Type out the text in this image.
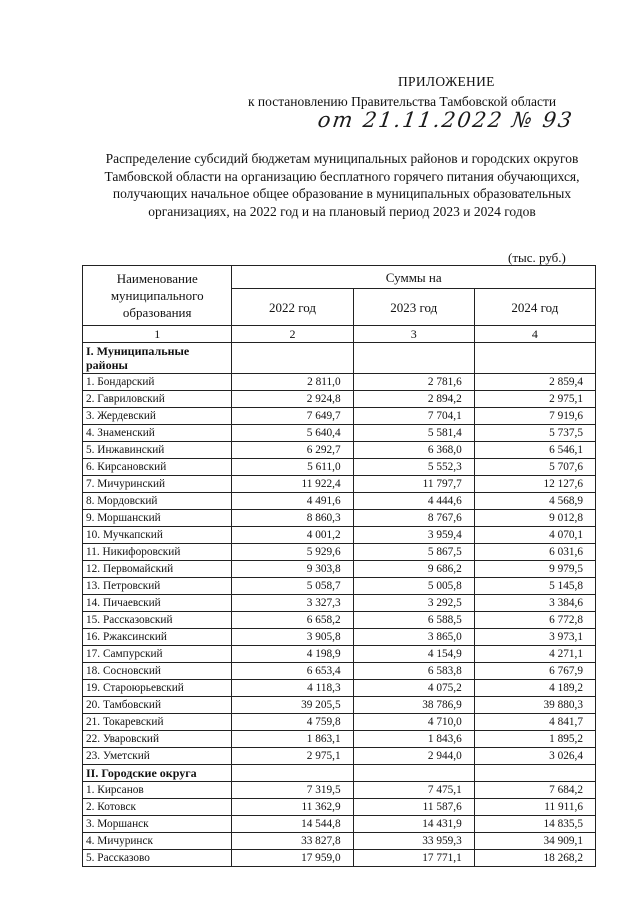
ПРИЛОЖЕНИЕ
к постановлению Правительства Тамбовской области
от 21.11.2022 № 93
Распределение субсидий бюджетам муниципальных районов и городских округов Тамбовской области на организацию бесплатного горячего питания обучающихся, получающих начальное общее образование в муниципальных образовательных организациях, на 2022 год и на плановый период 2023 и 2024 годов
(тыс. руб.)
Наименование муниципального образования	Суммы на		
	2022 год	2023 год	2024 год
1	2	3	4
I. Муниципальные районы			
1. Бондарский	2 811,0	2 781,6	2 859,4
2. Гавриловский	2 924,8	2 894,2	2 975,1
3. Жердевский	7 649,7	7 704,1	7 919,6
4. Знаменский	5 640,4	5 581,4	5 737,5
5. Инжавинский	6 292,7	6 368,0	6 546,1
6. Кирсановский	5 611,0	5 552,3	5 707,6
7. Мичуринский	11 922,4	11 797,7	12 127,6
8. Мордовский	4 491,6	4 444,6	4 568,9
9. Моршанский	8 860,3	8 767,6	9 012,8
10. Мучкапский	4 001,2	3 959,4	4 070,1
11. Никифоровский	5 929,6	5 867,5	6 031,6
12. Первомайский	9 303,8	9 686,2	9 979,5
13. Петровский	5 058,7	5 005,8	5 145,8
14. Пичаевский	3 327,3	3 292,5	3 384,6
15. Рассказовский	6 658,2	6 588,5	6 772,8
16. Ржаксинский	3 905,8	3 865,0	3 973,1
17. Сампурский	4 198,9	4 154,9	4 271,1
18. Сосновский	6 653,4	6 583,8	6 767,9
19. Староюрьевский	4 118,3	4 075,2	4 189,2
20. Тамбовский	39 205,5	38 786,9	39 880,3
21. Токаревский	4 759,8	4 710,0	4 841,7
22. Уваровский	1 863,1	1 843,6	1 895,2
23. Уметский	2 975,1	2 944,0	3 026,4
II. Городские округа			
1. Кирсанов	7 319,5	7 475,1	7 684,2
2. Котовск	11 362,9	11 587,6	11 911,6
3. Моршанск	14 544,8	14 431,9	14 835,5
4. Мичуринск	33 827,8	33 959,3	34 909,1
5. Рассказово	17 959,0	17 771,1	18 268,2
